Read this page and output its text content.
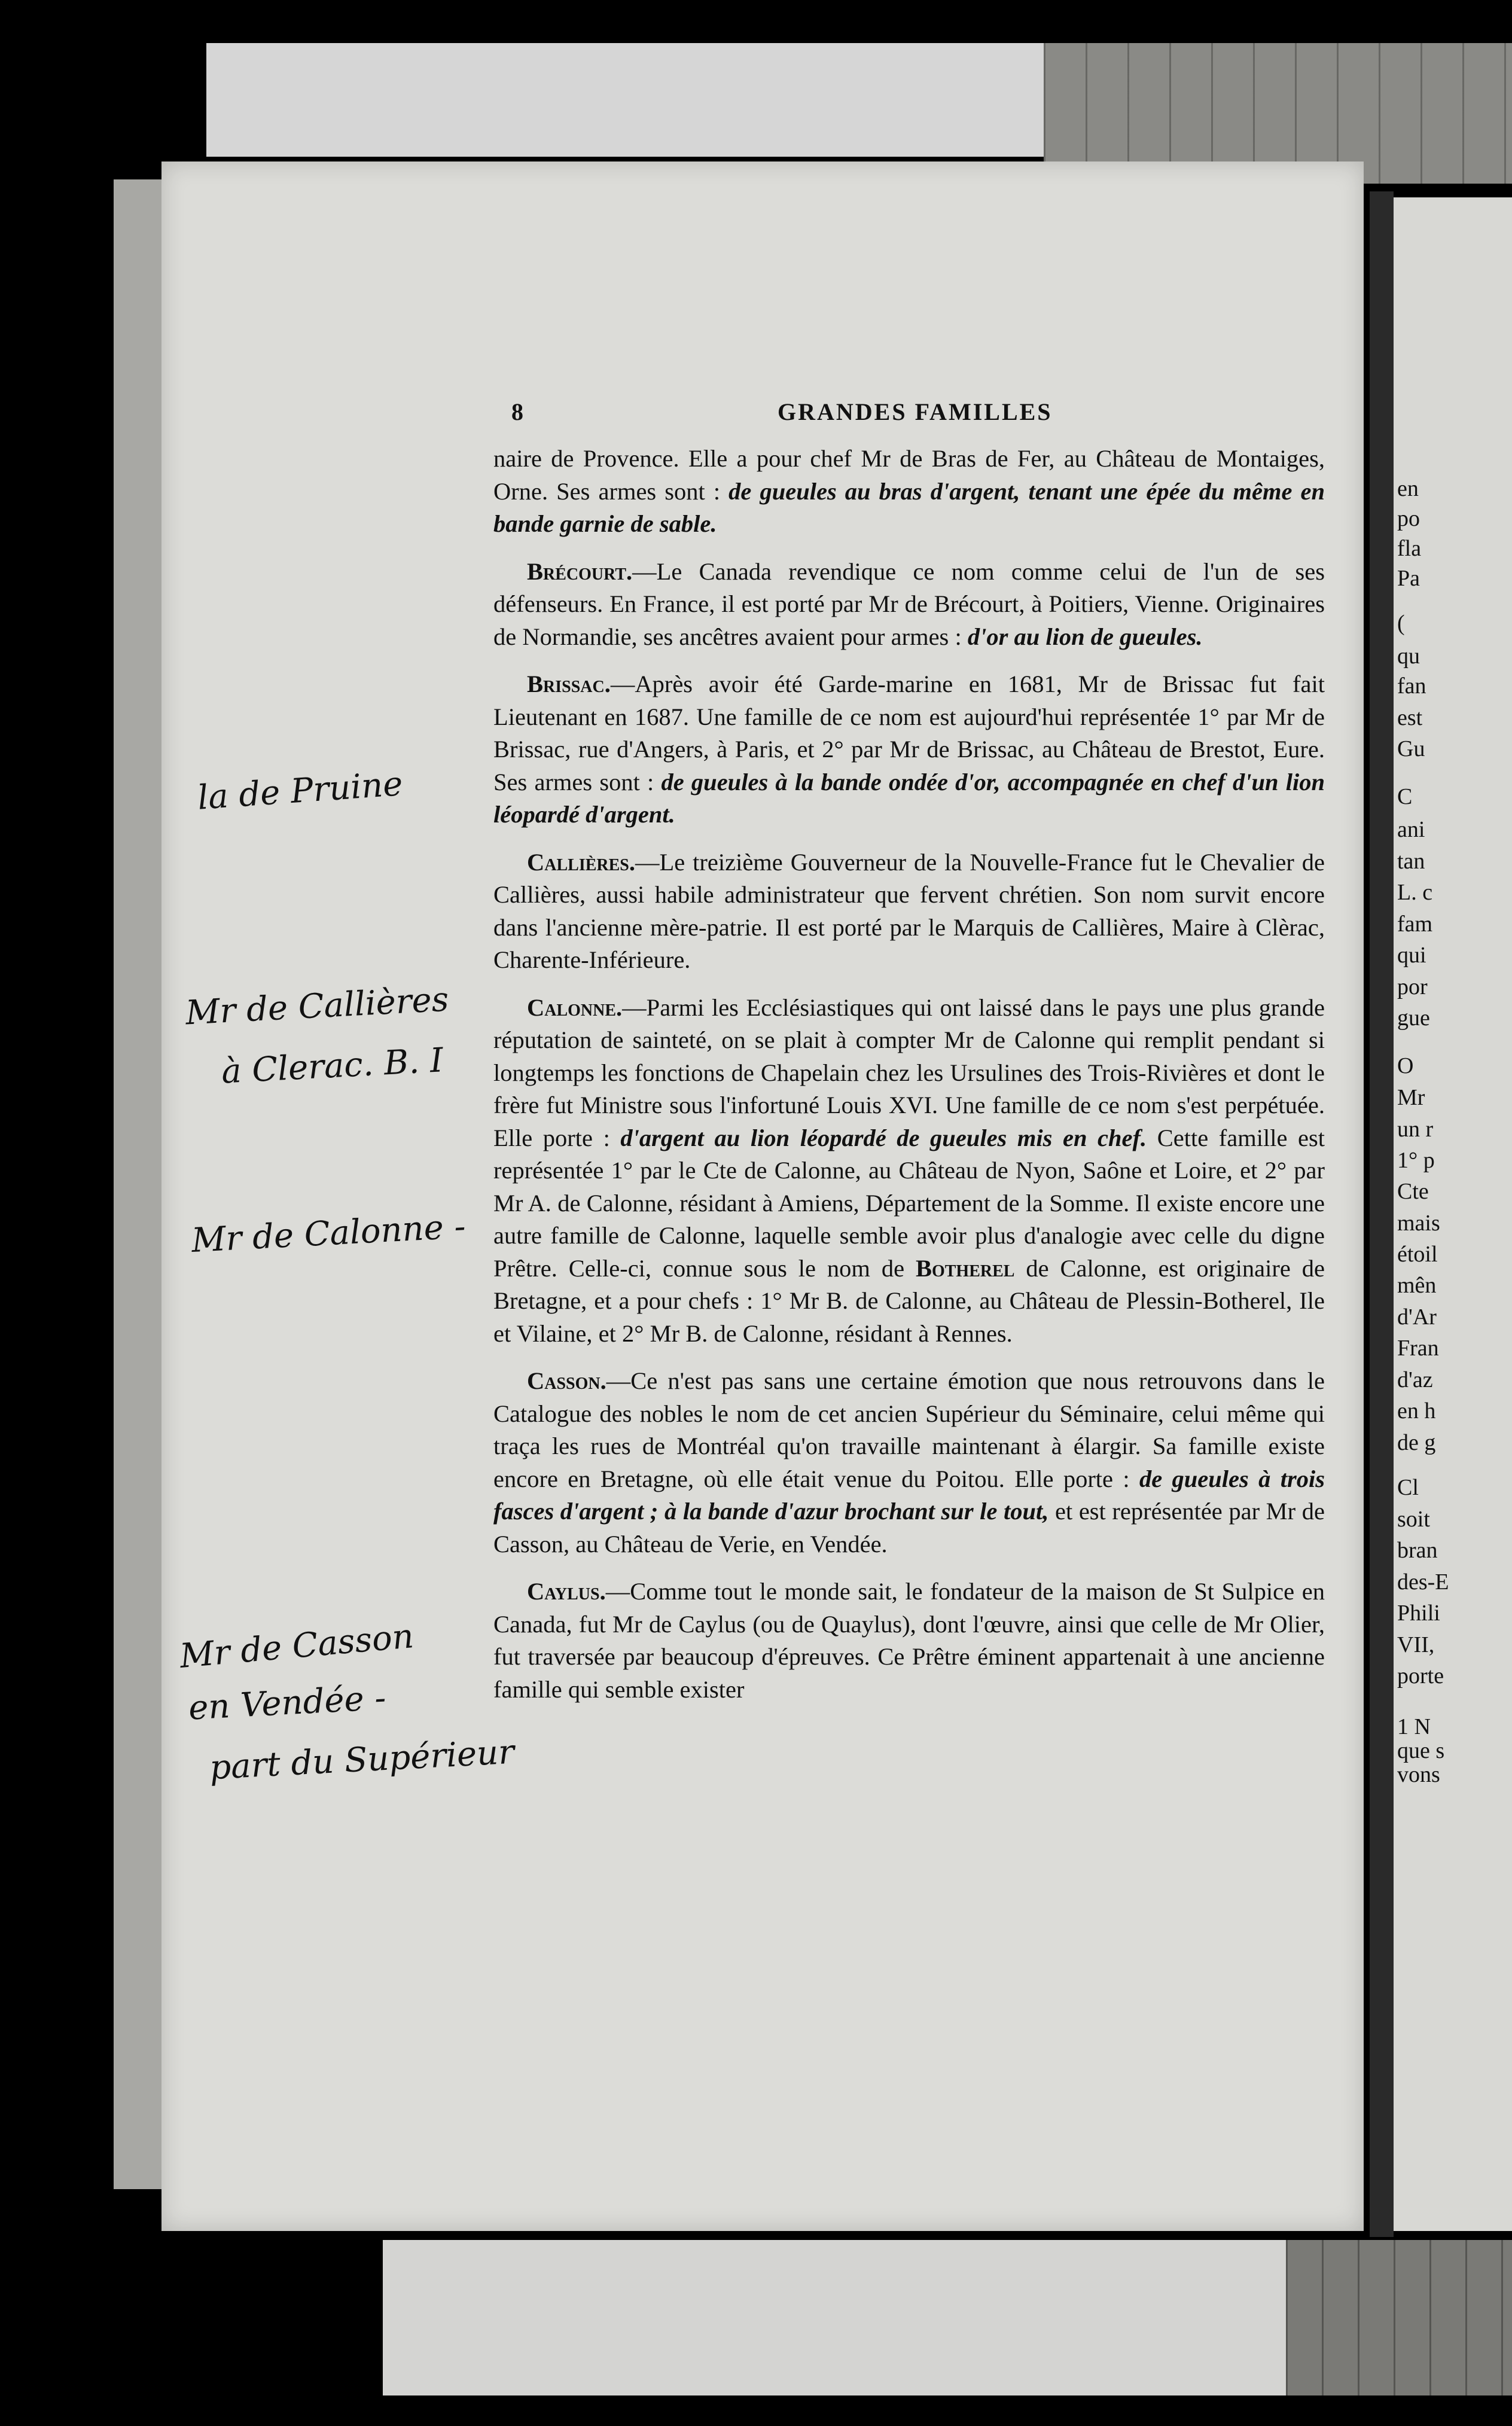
8	GRANDES FAMILLES

naire de Provence. Elle a pour chef Mr de Bras de Fer, au Château de Montaiges, Orne. Ses armes sont : de gueules au bras d'argent, tenant une épée du même en bande garnie de sable.

Brécourt.—Le Canada revendique ce nom comme celui de l'un de ses défenseurs. En France, il est porté par Mr de Brécourt, à Poitiers, Vienne. Originaires de Normandie, ses ancêtres avaient pour armes : d'or au lion de gueules.

Brissac.—Après avoir été Garde-marine en 1681, Mr de Brissac fut fait Lieutenant en 1687. Une famille de ce nom est aujourd'hui représentée 1° par Mr de Brissac, rue d'Angers, à Paris, et 2° par Mr de Brissac, au Château de Brestot, Eure. Ses armes sont : de gueules à la bande ondée d'or, accompagnée en chef d'un lion léopardé d'argent.

Callières.—Le treizième Gouverneur de la Nouvelle-France fut le Chevalier de Callières, aussi habile administrateur que fervent chrétien. Son nom survit encore dans l'ancienne mère-patrie. Il est porté par le Marquis de Callières, Maire à Clèrac, Charente-Inférieure.

Calonne.—Parmi les Ecclésiastiques qui ont laissé dans le pays une plus grande réputation de sainteté, on se plait à compter Mr de Calonne qui remplit pendant si longtemps les fonctions de Chapelain chez les Ursulines des Trois-Rivières et dont le frère fut Ministre sous l'infortuné Louis XVI. Une famille de ce nom s'est perpétuée. Elle porte : d'argent au lion léopardé de gueules mis en chef. Cette famille est représentée 1° par le Cte de Calonne, au Château de Nyon, Saône et Loire, et 2° par Mr A. de Calonne, résidant à Amiens, Département de la Somme. Il existe encore une autre famille de Calonne, laquelle semble avoir plus d'analogie avec celle du digne Prêtre. Celle-ci, connue sous le nom de Botherel de Calonne, est originaire de Bretagne, et a pour chefs : 1° Mr B. de Calonne, au Château de Plessin-Botherel, Ile et Vilaine, et 2° Mr B. de Calonne, résidant à Rennes.

Casson.—Ce n'est pas sans une certaine émotion que nous retrouvons dans le Catalogue des nobles le nom de cet ancien Supérieur du Séminaire, celui même qui traça les rues de Montréal qu'on travaille maintenant à élargir. Sa famille existe encore en Bretagne, où elle était venue du Poitou. Elle porte : de gueules à trois fasces d'argent ; à la bande d'azur brochant sur le tout, et est représentée par Mr de Casson, au Château de Verie, en Vendée.

Caylus.—Comme tout le monde sait, le fondateur de la maison de St Sulpice en Canada, fut Mr de Caylus (ou de Quaylus), dont l'œuvre, ainsi que celle de Mr Olier, fut traversée par beaucoup d'épreuves. Ce Prêtre éminent appartenait à une ancienne famille qui semble exister

la de Pruine
Mr de Callières
à Clerac. B. I
Mr de Calonne -
Mr de Casson
en Vendée -
part du Supérieur
en
po
fla
Pa
(
qu
fan
est
Gu
C
ani
tan
L. c
fam
qui
por
gue
O
Mr
un r
1° p
Cte
mais
étoil
mên
d'Ar
Fran
d'az
en h
de g
Cl
soit
bran
des-E
Phili
VII,
porte
1 N
que s
vons
